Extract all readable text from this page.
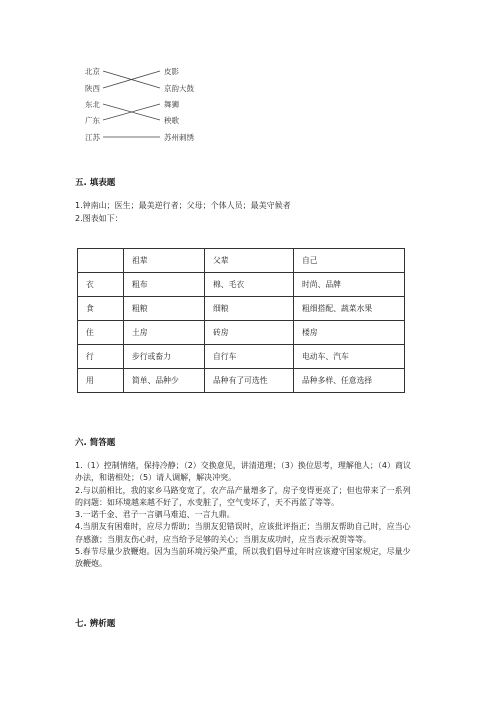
北京
陕西
东北
广东
江苏
皮影
京韵大鼓
舞狮
秧歌
苏州刺绣
五. 填表题
1.钟南山；医生；最美逆行者；父母；个体人员；最美守候者
2.图表如下：
	祖辈	父辈	自己
衣	粗布	棉、毛衣	时尚、品牌
食	粗粮	细粮	粗细搭配、蔬菜水果
住	土房	砖房	楼房
行	步行或畜力	自行车	电动车、汽车
用	简单、品种少	品种有了可选性	品种多样、任意选择
六. 简答题

1.（1）控制情绪，保持冷静；（2）交换意见，讲清道理；（3）换位思考，理解他人；（4）商议办法，和谐相处；（5）请人调解，解决冲突。

2.与以前相比，我的家乡马路变宽了，农产品产量增多了，房子变得更亮了；但也带来了一系列的问题：如环境越来越不好了，水变脏了，空气变坏了，天不再蓝了等等。

3.一诺千金、君子一言驷马难追、一言九鼎。

4.当朋友有困难时，应尽力帮助；当朋友犯错误时，应该批评指正；当朋友帮助自己时，应当心存感激；当朋友伤心时，应当给予足够的关心；当朋友成功时，应当表示祝贺等等。

5.春节尽量少放鞭炮。因为当前环境污染严重，所以我们倡导过年时应该遵守国家规定，尽量少放鞭炮。

七. 辨析题
